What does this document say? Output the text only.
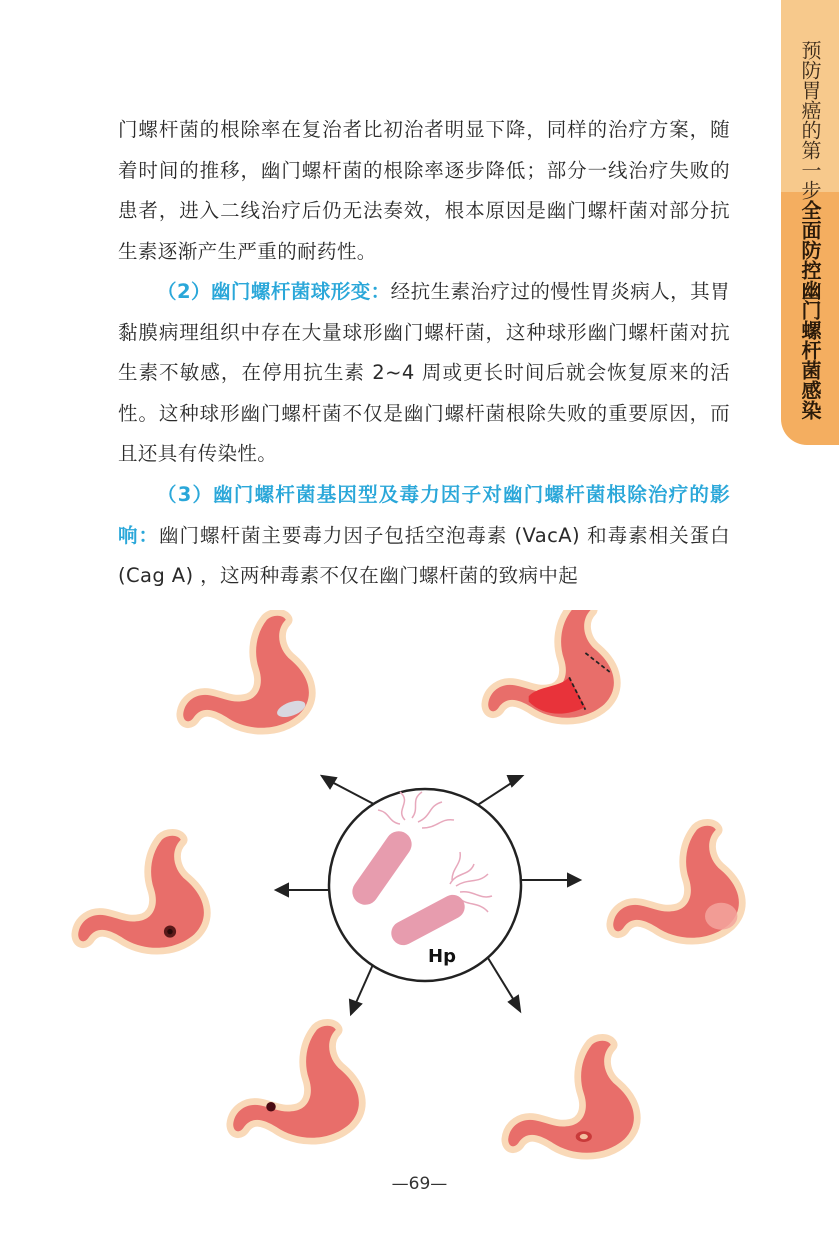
预防胃癌的第一步
全面防控幽门螺杆菌感染

门螺杆菌的根除率在复治者比初治者明显下降，同样的治疗方案，随着时间的推移，幽门螺杆菌的根除率逐步降低；部分一线治疗失败的患者，进入二线治疗后仍无法奏效，根本原因是幽门螺杆菌对部分抗生素逐渐产生严重的耐药性。

（2）幽门螺杆菌球形变：经抗生素治疗过的慢性胃炎病人，其胃黏膜病理组织中存在大量球形幽门螺杆菌，这种球形幽门螺杆菌对抗生素不敏感，在停用抗生素 2~4 周或更长时间后就会恢复原来的活性。这种球形幽门螺杆菌不仅是幽门螺杆菌根除失败的重要原因，而且还具有传染性。

（3）幽门螺杆菌基因型及毒力因子对幽门螺杆菌根除治疗的影响：幽门螺杆菌主要毒力因子包括空泡毒素 (VacA) 和毒素相关蛋白 (Cag A) ，这两种毒素不仅在幽门螺杆菌的致病中起

Hp
—69—
